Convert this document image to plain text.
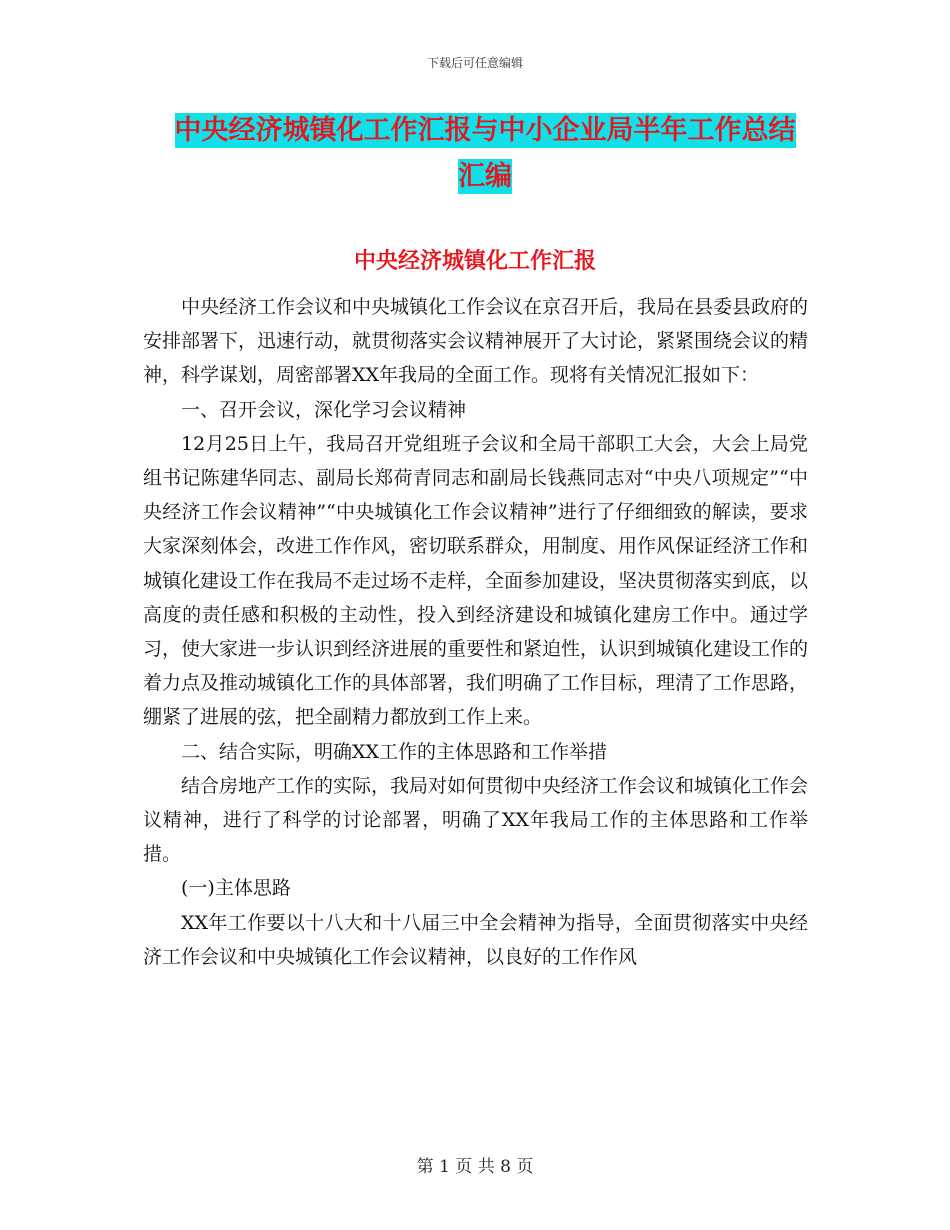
下载后可任意编辑
中央经济城镇化工作汇报与中小企业局半年工作总结
汇编
中央经济城镇化工作汇报

中央经济工作会议和中央城镇化工作会议在京召开后，我局在县委县政府的安排部署下，迅速行动，就贯彻落实会议精神展开了大讨论，紧紧围绕会议的精神，科学谋划，周密部署XX年我局的全面工作。现将有关情况汇报如下：

一、召开会议，深化学习会议精神

12月25日上午，我局召开党组班子会议和全局干部职工大会，大会上局党组书记陈建华同志、副局长郑荷青同志和副局长钱燕同志对“中央八项规定”“中央经济工作会议精神”“中央城镇化工作会议精神”进行了仔细细致的解读，要求大家深刻体会，改进工作作风，密切联系群众，用制度、用作风保证经济工作和城镇化建设工作在我局不走过场不走样，全面参加建设，坚决贯彻落实到底，以高度的责任感和积极的主动性，投入到经济建设和城镇化建房工作中。通过学习，使大家进一步认识到经济进展的重要性和紧迫性，认识到城镇化建设工作的着力点及推动城镇化工作的具体部署，我们明确了工作目标，理清了工作思路，绷紧了进展的弦，把全副精力都放到工作上来。

二、结合实际，明确XX工作的主体思路和工作举措

结合房地产工作的实际，我局对如何贯彻中央经济工作会议和城镇化工作会议精神，进行了科学的讨论部署，明确了XX年我局工作的主体思路和工作举措。

(一)主体思路

XX年工作要以十八大和十八届三中全会精神为指导，全面贯彻落实中央经济工作会议和中央城镇化工作会议精神，以良好的工作作风

第 1 页 共 8 页
